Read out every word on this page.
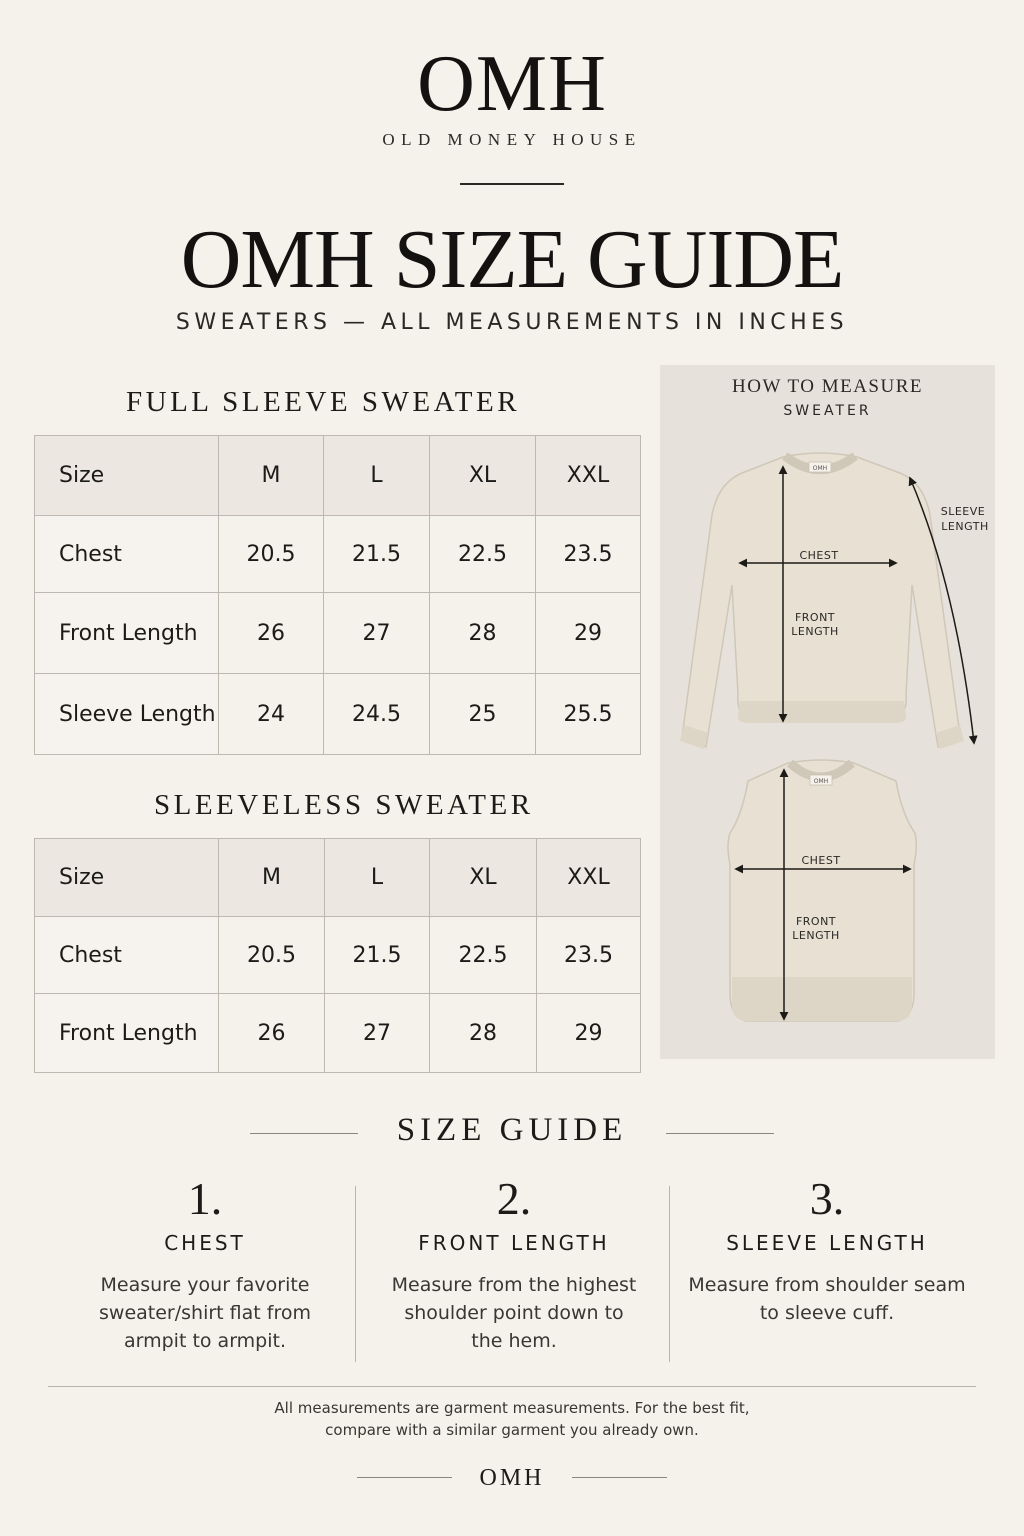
OMH
OLD MONEY HOUSE
OMH SIZE GUIDE
SWEATERS — ALL MEASUREMENTS IN INCHES
FULL SLEEVE SWEATER
Size	M	L	XL	XXL
Chest	20.5	21.5	22.5	23.5
Front Length	26	27	28	29
Sleeve Length	24	24.5	25	25.5
SLEEVELESS SWEATER
Size	M	L	XL	XXL
Chest	20.5	21.5	22.5	23.5
Front Length	26	27	28	29
HOW TO MEASURE
SWEATER
OMH
CHEST
FRONT
LENGTH
SLEEVE
LENGTH
OMH
CHEST
FRONT
LENGTH
SIZE GUIDE
1.
CHEST
Measure your favorite
sweater/shirt flat from
armpit to armpit.
2.
FRONT LENGTH
Measure from the highest
shoulder point down to
the hem.
3.
SLEEVE LENGTH
Measure from shoulder seam
to sleeve cuff.
All measurements are garment measurements. For the best fit,
compare with a similar garment you already own.
OMH
